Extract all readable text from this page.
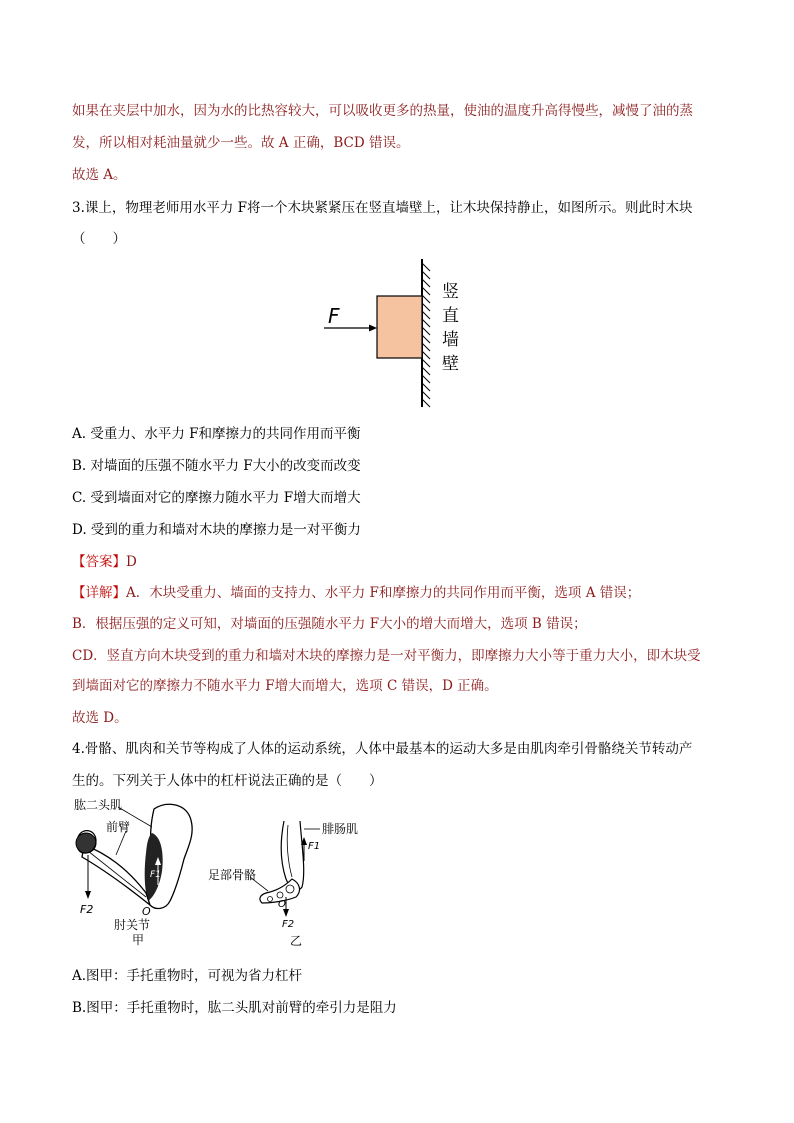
如果在夹层中加水，因为水的比热容较大，可以吸收更多的热量，使油的温度升高得慢些，减慢了油的蒸
发，所以相对耗油量就少一些。故 A 正确，BCD 错误。
故选 A。
3.课上，物理老师用水平力 F将一个木块紧紧压在竖直墙壁上，让木块保持静止，如图所示。则此时木块
（　　）
F
竖
直
墙
壁
A. 受重力、水平力 F和摩擦力的共同作用而平衡
B. 对墙面的压强不随水平力 F大小的改变而改变
C. 受到墙面对它的摩擦力随水平力 F增大而增大
D. 受到的重力和墙对木块的摩擦力是一对平衡力
【答案】D
【详解】A．木块受重力、墙面的支持力、水平力 F和摩擦力的共同作用而平衡，选项 A 错误；
B．根据压强的定义可知，对墙面的压强随水平力 F大小的增大而增大，选项 B 错误；
CD．竖直方向木块受到的重力和墙对木块的摩擦力是一对平衡力，即摩擦力大小等于重力大小，即木块受
到墙面对它的摩擦力不随水平力 F增大而增大，选项 C 错误，D 正确。
故选 D。
4.骨骼、肌肉和关节等构成了人体的运动系统，人体中最基本的运动大多是由肌肉牵引骨骼绕关节转动产
生的。下列关于人体中的杠杆说法正确的是（　　）
F2
F1
O
肱二头肌
前臂
肘关节
甲
F1
F2
O
腓肠肌
足部骨骼
乙
A.图甲：手托重物时，可视为省力杠杆
B.图甲：手托重物时，肱二头肌对前臂的牵引力是阻力
